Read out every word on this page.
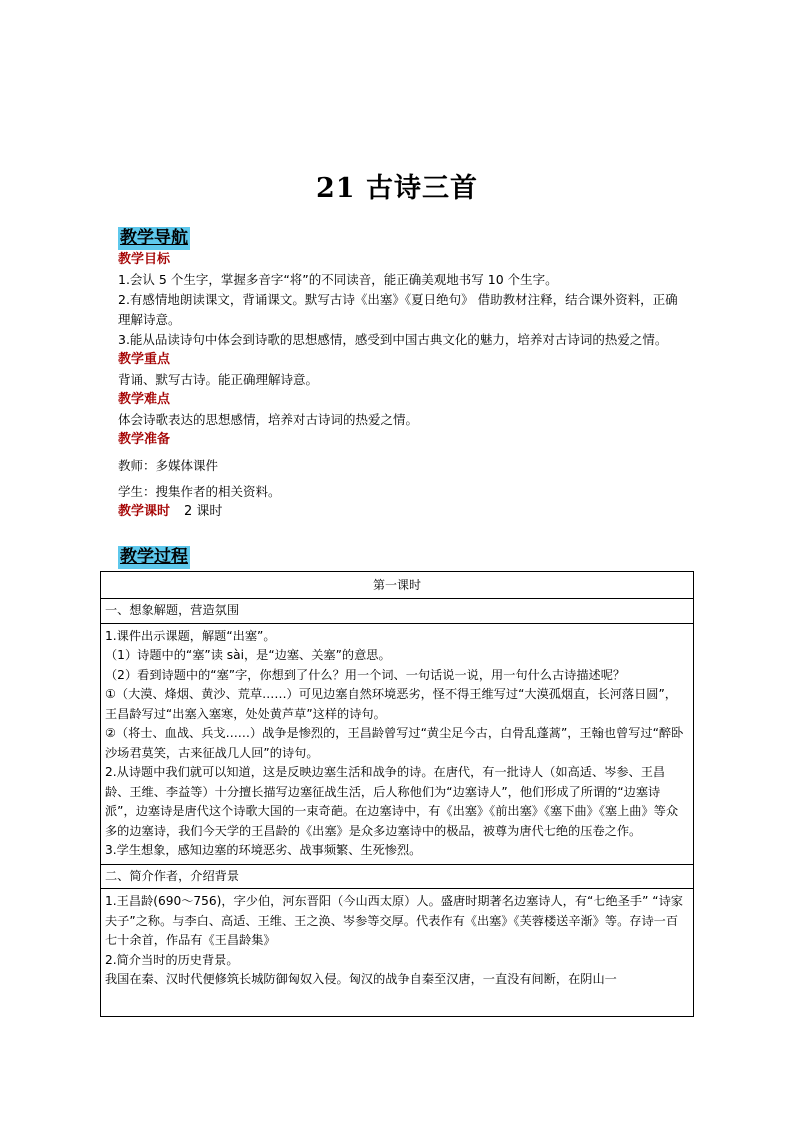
21 古诗三首
教学导航

教学目标

1.会认 5 个生字，掌握多音字“将”的不同读音，能正确美观地书写 10 个生字。

2.有感情地朗读课文，背诵课文。默写古诗《出塞》《夏日绝句》 借助教材注释，结合课外资料，正确理解诗意。

3.能从品读诗句中体会到诗歌的思想感情，感受到中国古典文化的魅力，培养对古诗词的热爱之情。

教学重点

背诵、默写古诗。能正确理解诗意。

教学难点

体会诗歌表达的思想感情，培养对古诗词的热爱之情。

教学准备

教师：多媒体课件

学生：搜集作者的相关资料。

教学课时 2 课时

教学过程
第一课时
一、想象解题，营造氛围

1.课件出示课题，解题“出塞”。

（1）诗题中的“塞”读 sài，是“边塞、关塞”的意思。

（2）看到诗题中的“塞”字，你想到了什么？用一个词、一句话说一说，用一句什么古诗描述呢？

①（大漠、烽烟、黄沙、荒草……）可见边塞自然环境恶劣，怪不得王维写过“大漠孤烟直，长河落日圆”，王昌龄写过“出塞入塞寒，处处黄芦草”这样的诗句。

②（将士、血战、兵戈……）战争是惨烈的，王昌龄曾写过“黄尘足今古，白骨乱蓬蒿”，王翰也曾写过“醉卧沙场君莫笑，古来征战几人回”的诗句。

2.从诗题中我们就可以知道，这是反映边塞生活和战争的诗。在唐代，有一批诗人（如高适、岑参、王昌龄、王维、李益等）十分擅长描写边塞征战生活，后人称他们为“边塞诗人”，他们形成了所谓的“边塞诗派”，边塞诗是唐代这个诗歌大国的一束奇葩。在边塞诗中，有《出塞》《前出塞》《塞下曲》《塞上曲》等众多的边塞诗，我们今天学的王昌龄的《出塞》是众多边塞诗中的极品，被尊为唐代七绝的压卷之作。

3.学生想象，感知边塞的环境恶劣、战事频繁、生死惨烈。

二、简介作者，介绍背景

1.王昌龄(690～756)，字少伯，河东晋阳（今山西太原）人。盛唐时期著名边塞诗人，有“七绝圣手” “诗家夫子”之称。与李白、高适、王维、王之涣、岑参等交厚。代表作有《出塞》《芙蓉楼送辛渐》等。存诗一百七十余首，作品有《王昌龄集》

2.简介当时的历史背景。

我国在秦、汉时代便修筑长城防御匈奴入侵。匈汉的战争自秦至汉唐，一直没有间断，在阴山一
